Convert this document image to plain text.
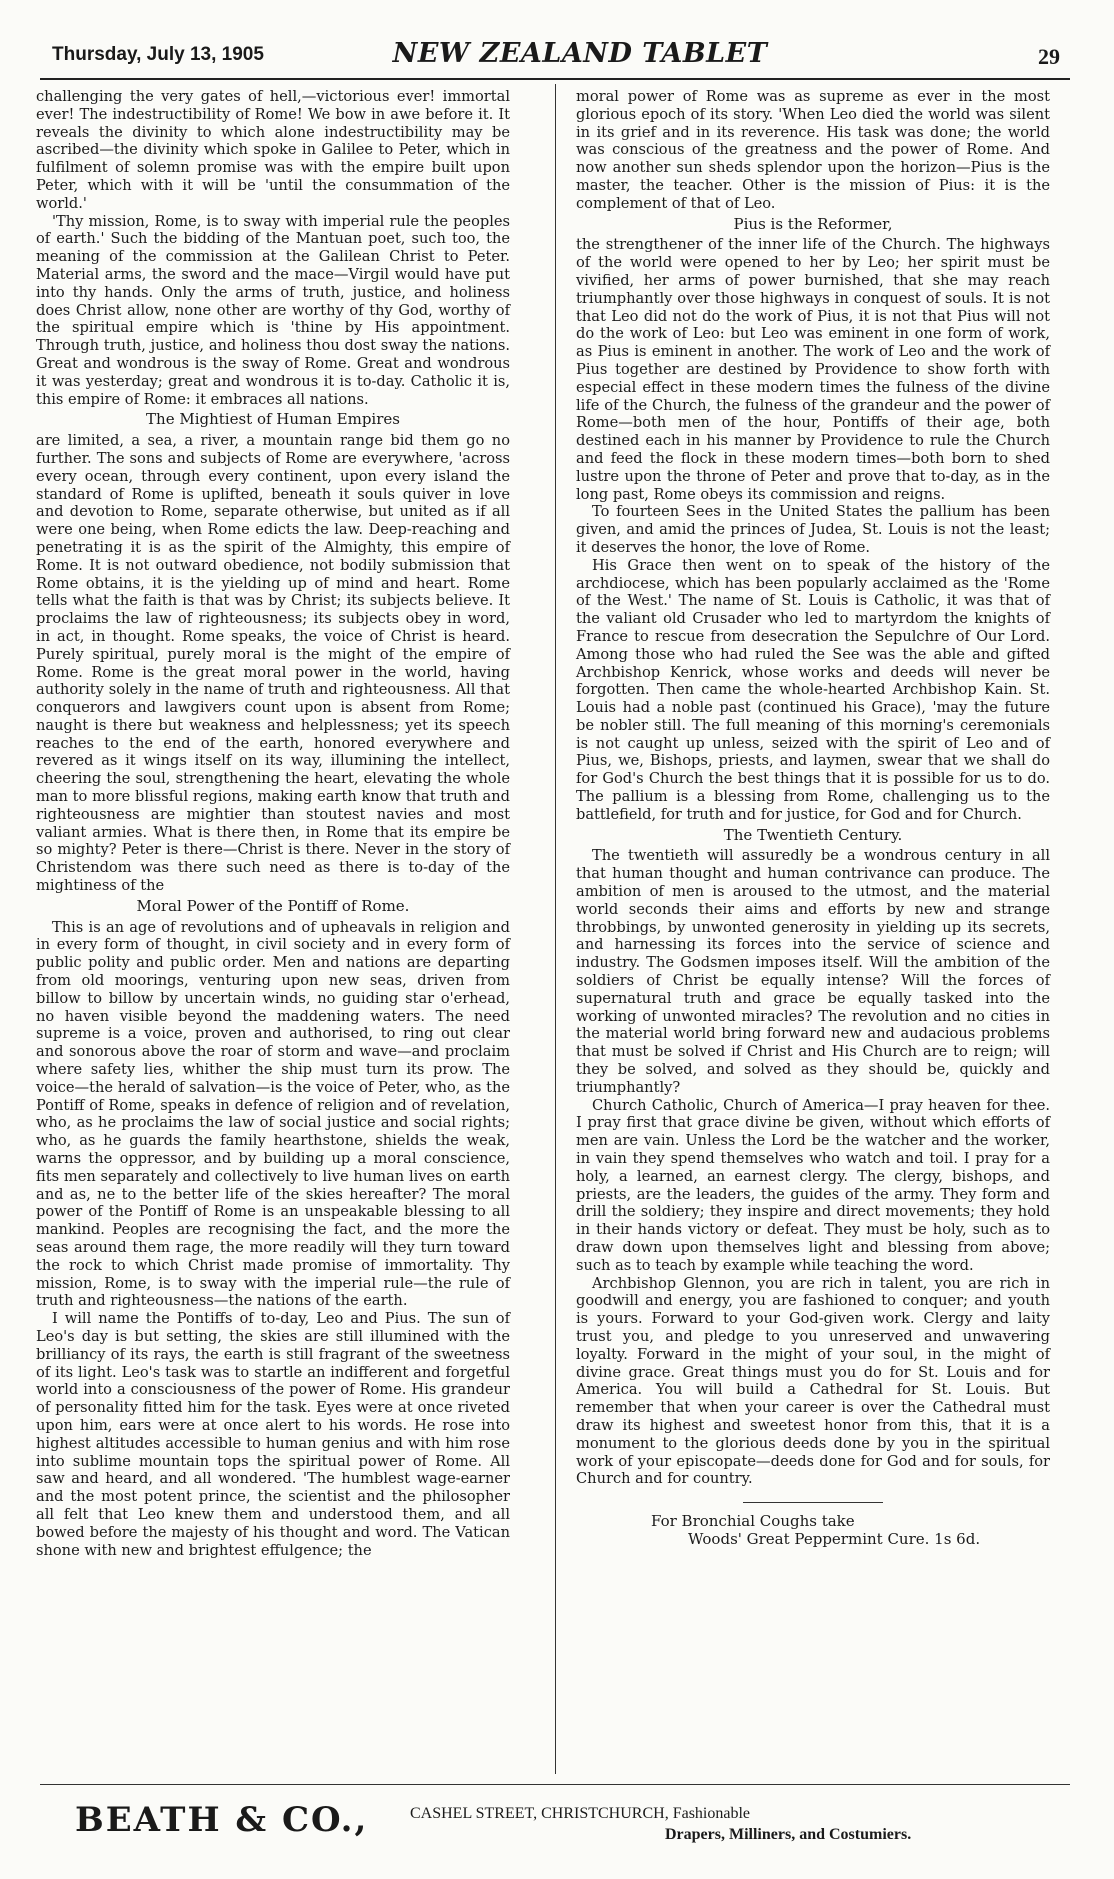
Thursday, July 13, 1905	NEW ZEALAND TABLET	29

challenging the very gates of hell,—victorious ever! immortal ever! The indestructibility of Rome! We bow in awe before it. It reveals the divinity to which alone indestructibility may be ascribed—the divinity which spoke in Galilee to Peter, which in fulfilment of solemn promise was with the empire built upon Peter, which with it will be 'until the consummation of the world.'

'Thy mission, Rome, is to sway with imperial rule the peoples of earth.' Such the bidding of the Mantuan poet, such too, the meaning of the commission at the Galilean Christ to Peter. Material arms, the sword and the mace—Virgil would have put into thy hands. Only the arms of truth, justice, and holiness does Christ allow, none other are worthy of thy God, worthy of the spiritual empire which is 'thine by His appointment. Through truth, justice, and holiness thou dost sway the nations. Great and wondrous is the sway of Rome. Great and wondrous it was yesterday; great and wondrous it is to-day. Catholic it is, this empire of Rome: it embraces all nations.

The Mightiest of Human Empires

are limited, a sea, a river, a mountain range bid them go no further. The sons and subjects of Rome are everywhere, 'across every ocean, through every continent, upon every island the standard of Rome is uplifted, beneath it souls quiver in love and devotion to Rome, separate otherwise, but united as if all were one being, when Rome edicts the law. Deep-reaching and penetrating it is as the spirit of the Almighty, this empire of Rome. It is not outward obedience, not bodily submission that Rome obtains, it is the yielding up of mind and heart. Rome tells what the faith is that was by Christ; its subjects believe. It proclaims the law of righteousness; its subjects obey in word, in act, in thought. Rome speaks, the voice of Christ is heard. Purely spiritual, purely moral is the might of the empire of Rome. Rome is the great moral power in the world, having authority solely in the name of truth and righteousness. All that conquerors and lawgivers count upon is absent from Rome; naught is there but weakness and helplessness; yet its speech reaches to the end of the earth, honored everywhere and revered as it wings itself on its way, illumining the intellect, cheering the soul, strengthening the heart, elevating the whole man to more blissful regions, making earth know that truth and righteousness are mightier than stoutest navies and most valiant armies. What is there then, in Rome that its empire be so mighty? Peter is there—Christ is there. Never in the story of Christendom was there such need as there is to-day of the mightiness of the

Moral Power of the Pontiff of Rome.

This is an age of revolutions and of upheavals in religion and in every form of thought, in civil society and in every form of public polity and public order. Men and nations are departing from old moorings, venturing upon new seas, driven from billow to billow by uncertain winds, no guiding star o'erhead, no haven visible beyond the maddening waters. The need supreme is a voice, proven and authorised, to ring out clear and sonorous above the roar of storm and wave—and proclaim where safety lies, whither the ship must turn its prow. The voice—the herald of salvation—is the voice of Peter, who, as the Pontiff of Rome, speaks in defence of religion and of revelation, who, as he proclaims the law of social justice and social rights; who, as he guards the family hearthstone, shields the weak, warns the oppressor, and by building up a moral conscience, fits men separately and collectively to live human lives on earth and as, ne to the better life of the skies hereafter? The moral power of the Pontiff of Rome is an unspeakable blessing to all mankind. Peoples are recognising the fact, and the more the seas around them rage, the more readily will they turn toward the rock to which Christ made promise of immortality. Thy mission, Rome, is to sway with the imperial rule—the rule of truth and righteousness—the nations of the earth.

I will name the Pontiffs of to-day, Leo and Pius. The sun of Leo's day is but setting, the skies are still illumined with the brilliancy of its rays, the earth is still fragrant of the sweetness of its light. Leo's task was to startle an indifferent and forgetful world into a consciousness of the power of Rome. His grandeur of personality fitted him for the task. Eyes were at once riveted upon him, ears were at once alert to his words. He rose into highest altitudes accessible to human genius and with him rose into sublime mountain tops the spiritual power of Rome. All saw and heard, and all wondered. 'The humblest wage-earner and the most potent prince, the scientist and the philosopher all felt that Leo knew them and understood them, and all bowed before the majesty of his thought and word. The Vatican shone with new and brightest effulgence; the

moral power of Rome was as supreme as ever in the most glorious epoch of its story. 'When Leo died the world was silent in its grief and in its reverence. His task was done; the world was conscious of the greatness and the power of Rome. And now another sun sheds splendor upon the horizon—Pius is the master, the teacher. Other is the mission of Pius: it is the complement of that of Leo.

Pius is the Reformer,

the strengthener of the inner life of the Church. The highways of the world were opened to her by Leo; her spirit must be vivified, her arms of power burnished, that she may reach triumphantly over those highways in conquest of souls. It is not that Leo did not do the work of Pius, it is not that Pius will not do the work of Leo: but Leo was eminent in one form of work, as Pius is eminent in another. The work of Leo and the work of Pius together are destined by Providence to show forth with especial effect in these modern times the fulness of the divine life of the Church, the fulness of the grandeur and the power of Rome—both men of the hour, Pontiffs of their age, both destined each in his manner by Providence to rule the Church and feed the flock in these modern times—both born to shed lustre upon the throne of Peter and prove that to-day, as in the long past, Rome obeys its commission and reigns.

To fourteen Sees in the United States the pallium has been given, and amid the princes of Judea, St. Louis is not the least; it deserves the honor, the love of Rome.

His Grace then went on to speak of the history of the archdiocese, which has been popularly acclaimed as the 'Rome of the West.' The name of St. Louis is Catholic, it was that of the valiant old Crusader who led to martyrdom the knights of France to rescue from desecration the Sepulchre of Our Lord. Among those who had ruled the See was the able and gifted Archbishop Kenrick, whose works and deeds will never be forgotten. Then came the whole-hearted Archbishop Kain. St. Louis had a noble past (continued his Grace), 'may the future be nobler still. The full meaning of this morning's ceremonials is not caught up unless, seized with the spirit of Leo and of Pius, we, Bishops, priests, and laymen, swear that we shall do for God's Church the best things that it is possible for us to do. The pallium is a blessing from Rome, challenging us to the battlefield, for truth and for justice, for God and for Church.

The Twentieth Century.

The twentieth will assuredly be a wondrous century in all that human thought and human contrivance can produce. The ambition of men is aroused to the utmost, and the material world seconds their aims and efforts by new and strange throbbings, by unwonted generosity in yielding up its secrets, and harnessing its forces into the service of science and industry. The Godsmen imposes itself. Will the ambition of the soldiers of Christ be equally intense? Will the forces of supernatural truth and grace be equally tasked into the working of unwonted miracles? The revolution and no cities in the material world bring forward new and audacious problems that must be solved if Christ and His Church are to reign; will they be solved, and solved as they should be, quickly and triumphantly?

Church Catholic, Church of America—I pray heaven for thee. I pray first that grace divine be given, without which efforts of men are vain. Unless the Lord be the watcher and the worker, in vain they spend themselves who watch and toil. I pray for a holy, a learned, an earnest clergy. The clergy, bishops, and priests, are the leaders, the guides of the army. They form and drill the soldiery; they inspire and direct movements; they hold in their hands victory or defeat. They must be holy, such as to draw down upon themselves light and blessing from above; such as to teach by example while teaching the word.

Archbishop Glennon, you are rich in talent, you are rich in goodwill and energy, you are fashioned to conquer; and youth is yours. Forward to your God-given work. Clergy and laity trust you, and pledge to you unreserved and unwavering loyalty. Forward in the might of your soul, in the might of divine grace. Great things must you do for St. Louis and for America. You will build a Cathedral for St. Louis. But remember that when your career is over the Cathedral must draw its highest and sweetest honor from this, that it is a monument to the glorious deeds done by you in the spiritual work of your episcopate—deeds done for God and for souls, for Church and for country.

For Bronchial Coughs take
Woods' Great Peppermint Cure. 1s 6d.
BEATH & CO.,	CASHEL STREET, CHRISTCHURCH, Fashionable
Drapers, Milliners, and Costumiers.
